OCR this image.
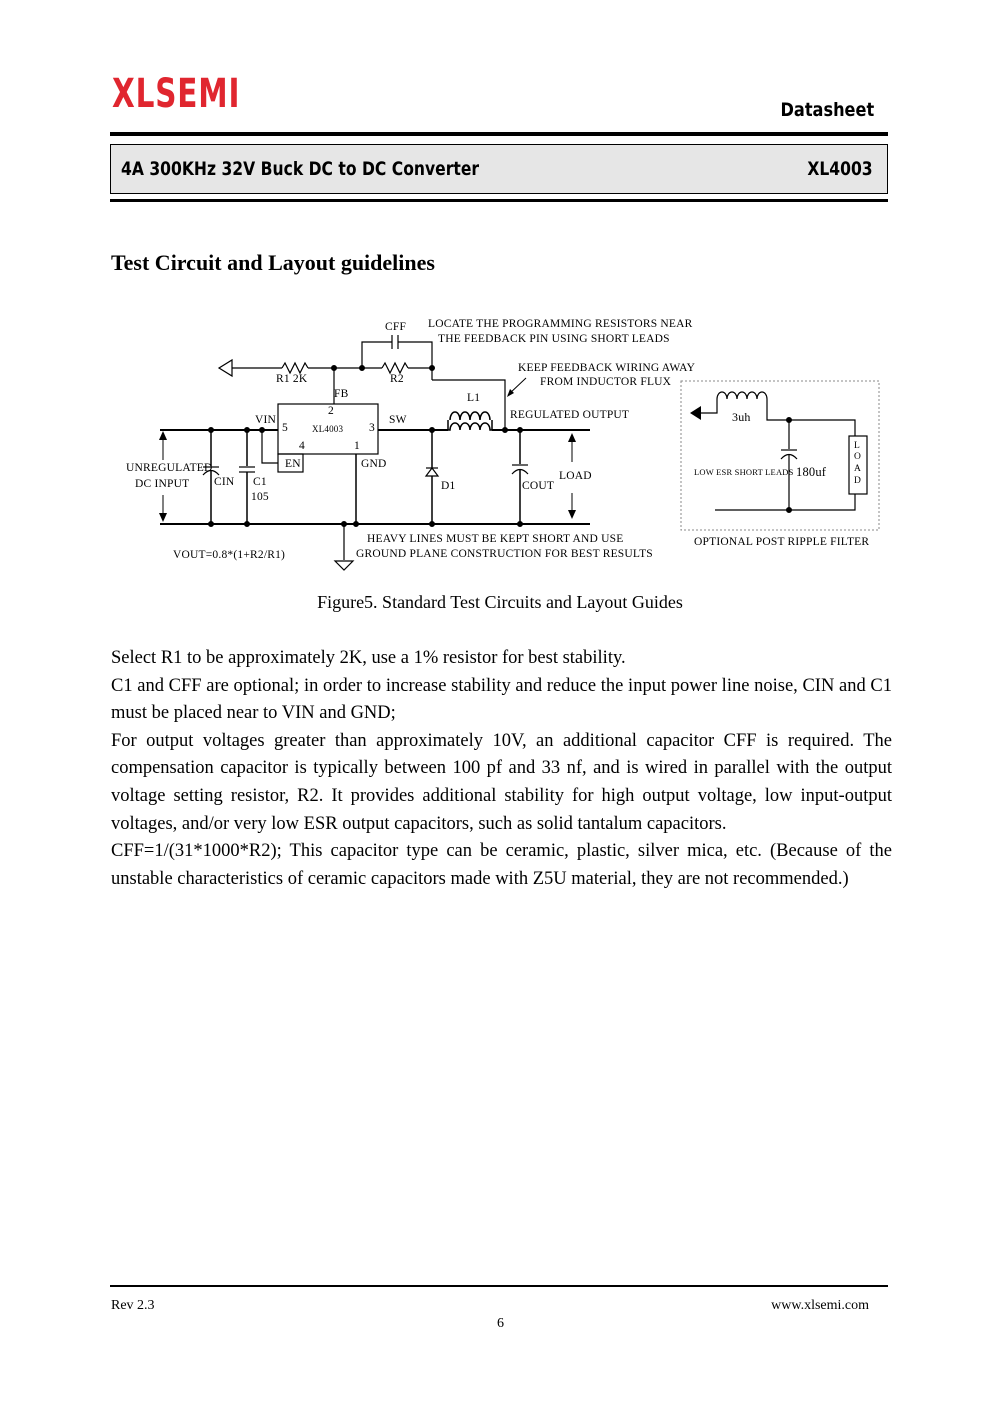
XLSEMI	Datasheet
4A 300KHz 32V Buck DC to DC Converter	XL4003
Test Circuit and Layout guidelines
CFF LOCATE THE PROGRAMMING RESISTORS NEAR
THE FEEDBACK PIN USING SHORT LEADS
KEEP FEEDBACK WIRING AWAY
FROM INDUCTOR FLUX
R1 2K	R2
FB	L1
VIN	SW	REGULATED OUTPUT
2
5	XL4003 3
4	1
EN	GND
UNREGULATED
DC INPUT CIN C1
105
D1	COUT
LOAD
HEAVY LINES MUST BE KEPT SHORT AND USE
GROUND PLANE CONSTRUCTION FOR BEST RESULTS
VOUT=0.8*(1+R2/R1)
3uh
LOW ESR SHORT LEADS 180uf
L
O
A
D
OPTIONAL POST RIPPLE FILTER
Figure5. Standard Test Circuits and Layout Guides

Select R1 to be approximately 2K, use a 1% resistor for best stability.

C1 and CFF are optional; in order to increase stability and reduce the input power line noise, CIN and C1 must be placed near to VIN and GND;

For output voltages greater than approximately 10V, an additional capacitor CFF is required. The compensation capacitor is typically between 100 pf and 33 nf, and is wired in parallel with the output voltage setting resistor, R2. It provides additional stability for high output voltage, low input-output voltages, and/or very low ESR output capacitors, such as solid tantalum capacitors.

CFF=1/(31*1000*R2); This capacitor type can be ceramic, plastic, silver mica, etc. (Because of the unstable characteristics of ceramic capacitors made with Z5U material, they are not recommended.)

Rev 2.3	www.xlsemi.com
6
